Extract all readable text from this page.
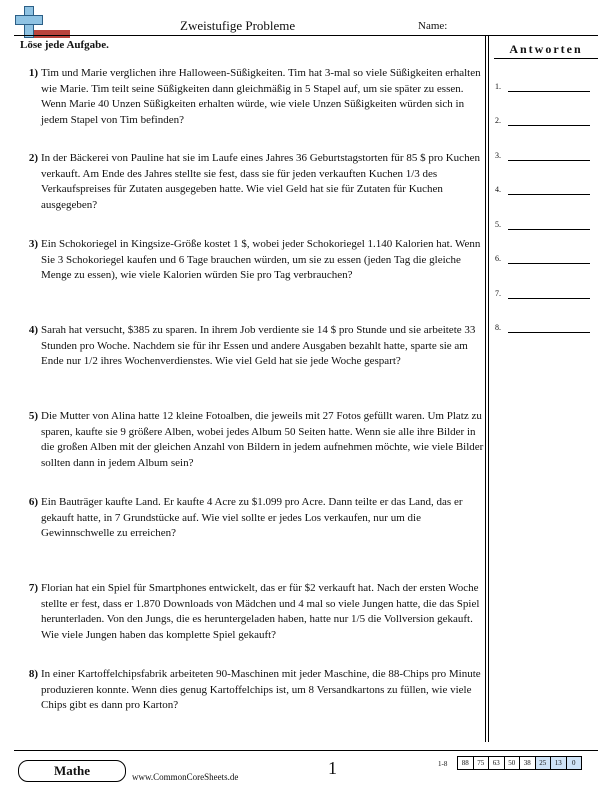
Zweistufige Probleme	Name:
Löse jede Aufgabe.
1) Tim und Marie verglichen ihre Halloween-Süßigkeiten. Tim hat 3-mal so viele Süßigkeiten erhalten wie Marie. Tim teilt seine Süßigkeiten dann gleichmäßig in 5 Stapel auf, um sie später zu essen. Wenn Marie 40 Unzen Süßigkeiten erhalten würde, wie viele Unzen Süßigkeiten würden sich in jedem Stapel von Tim befinden?
2) In der Bäckerei von Pauline hat sie im Laufe eines Jahres 36 Geburtstagstorten für 85 $ pro Kuchen verkauft. Am Ende des Jahres stellte sie fest, dass sie für jeden verkauften Kuchen 1/3 des Verkaufspreises für Zutaten ausgegeben hatte. Wie viel Geld hat sie für Zutaten für Kuchen ausgegeben?
3) Ein Schokoriegel in Kingsize-Größe kostet 1 $, wobei jeder Schokoriegel 1.140 Kalorien hat. Wenn Sie 3 Schokoriegel kaufen und 6 Tage brauchen würden, um sie zu essen (jeden Tag die gleiche Menge zu essen), wie viele Kalorien würden Sie pro Tag verbrauchen?
4) Sarah hat versucht, $385 zu sparen. In ihrem Job verdiente sie 14 $ pro Stunde und sie arbeitete 33 Stunden pro Woche. Nachdem sie für ihr Essen und andere Ausgaben bezahlt hatte, sparte sie am Ende nur 1/2 ihres Wochenverdienstes. Wie viel Geld hat sie jede Woche gespart?
5) Die Mutter von Alina hatte 12 kleine Fotoalben, die jeweils mit 27 Fotos gefüllt waren. Um Platz zu sparen, kaufte sie 9 größere Alben, wobei jedes Album 50 Seiten hatte. Wenn sie alle ihre Bilder in die großen Alben mit der gleichen Anzahl von Bildern in jedem aufnehmen möchte, wie viele Bilder sollten dann in jedem Album sein?
6) Ein Bauträger kaufte Land. Er kaufte 4 Acre zu $1.099 pro Acre. Dann teilte er das Land, das er gekauft hatte, in 7 Grundstücke auf. Wie viel sollte er jedes Los verkaufen, nur um die Gewinnschwelle zu erreichen?
7) Florian hat ein Spiel für Smartphones entwickelt, das er für $2 verkauft hat. Nach der ersten Woche stellte er fest, dass er 1.870 Downloads von Mädchen und 4 mal so viele Jungen hatte, die das Spiel herunterladen. Von den Jungs, die es heruntergeladen haben, hatte nur 1/5 die Vollversion gekauft. Wie viele Jungen haben das komplette Spiel gekauft?
8) In einer Kartoffelchipsfabrik arbeiteten 90-Maschinen mit jeder Maschine, die 88-Chips pro Minute produzieren konnte. Wenn dies genug Kartoffelchips ist, um 8 Versandkartons zu füllen, wie viele Chips gibt es dann pro Karton?
Antworten
1.
2.
3.
4.
5.
6.
7.
8.
Mathe	www.CommonCoreSheets.de	1	1-8	88	75	63	50	38	25	13	0
